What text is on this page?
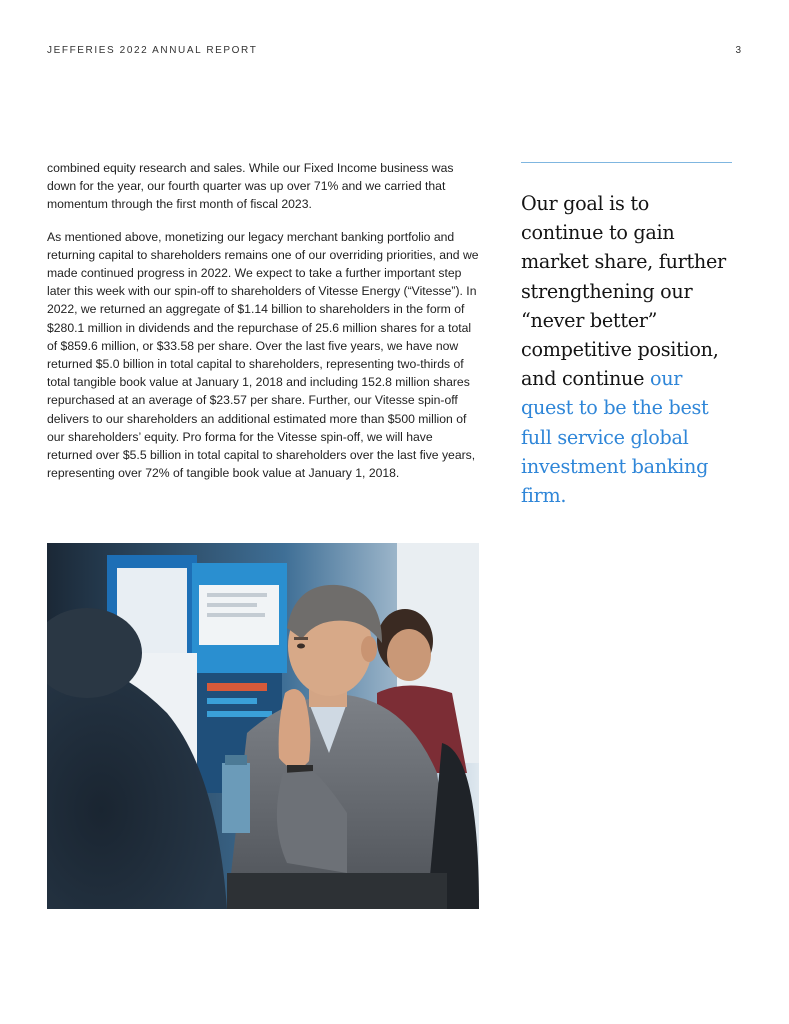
JEFFERIES 2022 ANNUAL REPORT	3

combined equity research and sales. While our Fixed Income business was down for the year, our fourth quarter was up over 71% and we carried that momentum through the first month of fiscal 2023.

As mentioned above, monetizing our legacy merchant banking portfolio and returning capital to shareholders remains one of our overriding priorities, and we made continued progress in 2022. We expect to take a further important step later this week with our spin-off to shareholders of Vitesse Energy (“Vitesse”). In 2022, we returned an aggregate of $1.14 billion to shareholders in the form of $280.1 million in dividends and the repurchase of 25.6 million shares for a total of $859.6 million, or $33.58 per share. Over the last five years, we have now returned $5.0 billion in total capital to shareholders, representing two-thirds of total tangible book value at January 1, 2018 and including 152.8 million shares repurchased at an average of $23.57 per share. Further, our Vitesse spin-off delivers to our shareholders an additional estimated more than $500 million of our shareholders’ equity. Pro forma for the Vitesse spin-off, we will have returned over $5.5 billion in total capital to shareholders over the last five years, representing over 72% of tangible book value at January 1, 2018.

Our goal is to continue to gain market share, further strengthening our “never better” competitive position, and continue our quest to be the best full service global investment banking firm.
